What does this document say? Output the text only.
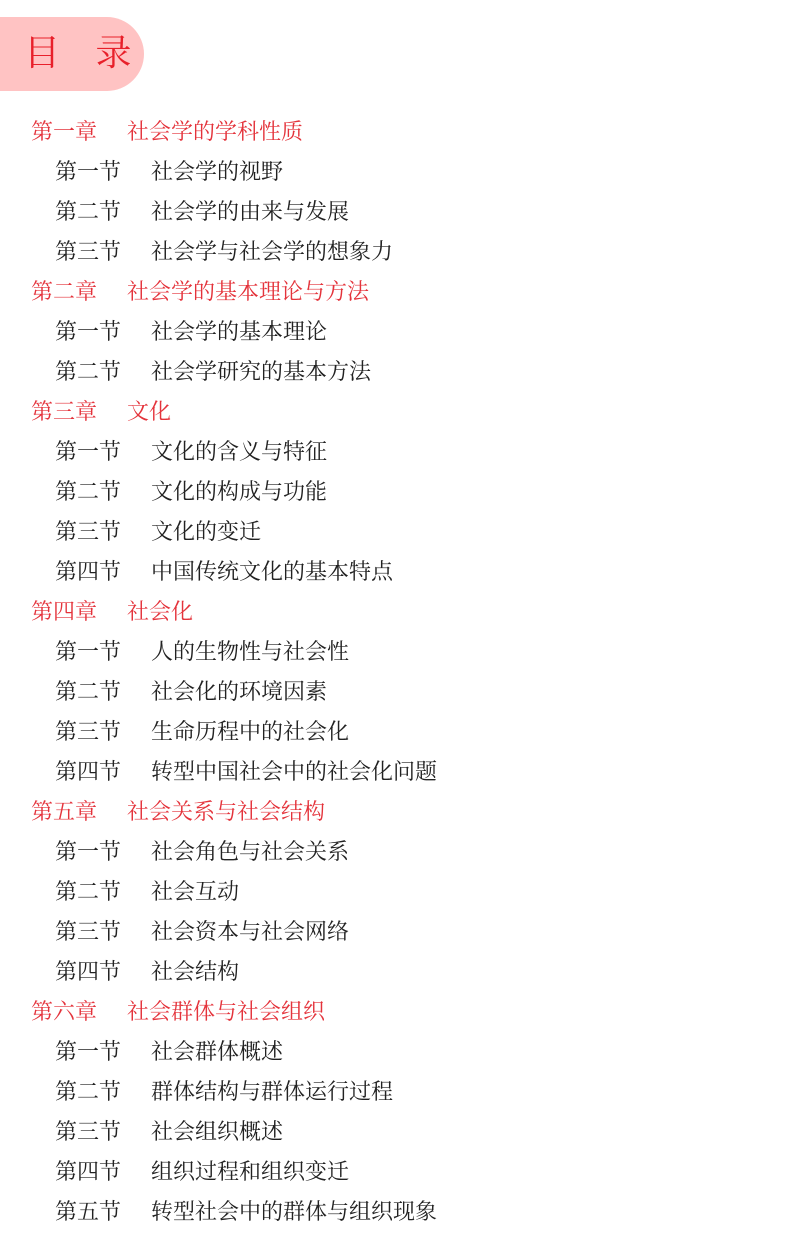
目 录
第一章 社会学的学科性质
第一节 社会学的视野
第二节 社会学的由来与发展
第三节 社会学与社会学的想象力
第二章 社会学的基本理论与方法
第一节 社会学的基本理论
第二节 社会学研究的基本方法
第三章 文化
第一节 文化的含义与特征
第二节 文化的构成与功能
第三节 文化的变迁
第四节 中国传统文化的基本特点
第四章 社会化
第一节 人的生物性与社会性
第二节 社会化的环境因素
第三节 生命历程中的社会化
第四节 转型中国社会中的社会化问题
第五章 社会关系与社会结构
第一节 社会角色与社会关系
第二节 社会互动
第三节 社会资本与社会网络
第四节 社会结构
第六章 社会群体与社会组织
第一节 社会群体概述
第二节 群体结构与群体运行过程
第三节 社会组织概述
第四节 组织过程和组织变迁
第五节 转型社会中的群体与组织现象
